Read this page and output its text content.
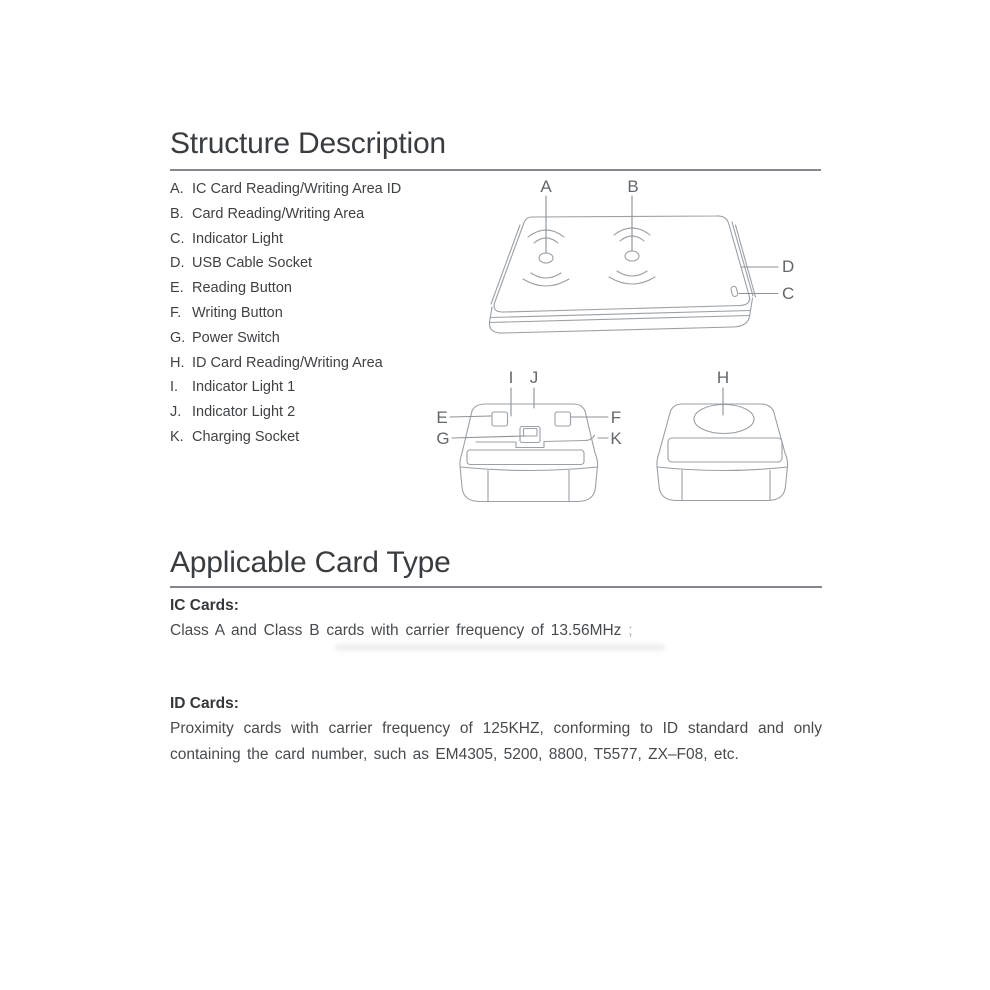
Structure Description
A. IC Card Reading/Writing Area ID
B. Card Reading/Writing Area
C. Indicator Light
D. USB Cable Socket
E. Reading Button
F. Writing Button
G. Power Switch
H. ID Card Reading/Writing Area
I. Indicator Light 1
J. Indicator Light 2
K. Charging Socket
A	B
D
C
I J
E
G
F
K
H
Applicable Card Type
IC Cards:
Class A and Class B cards with carrier frequency of 13.56MHz ;
ID Cards:
Proximity cards with carrier frequency of 125KHZ, conforming to ID standard and only
containing the card number, such as EM4305, 5200, 8800, T5577, ZX–F08, etc.
